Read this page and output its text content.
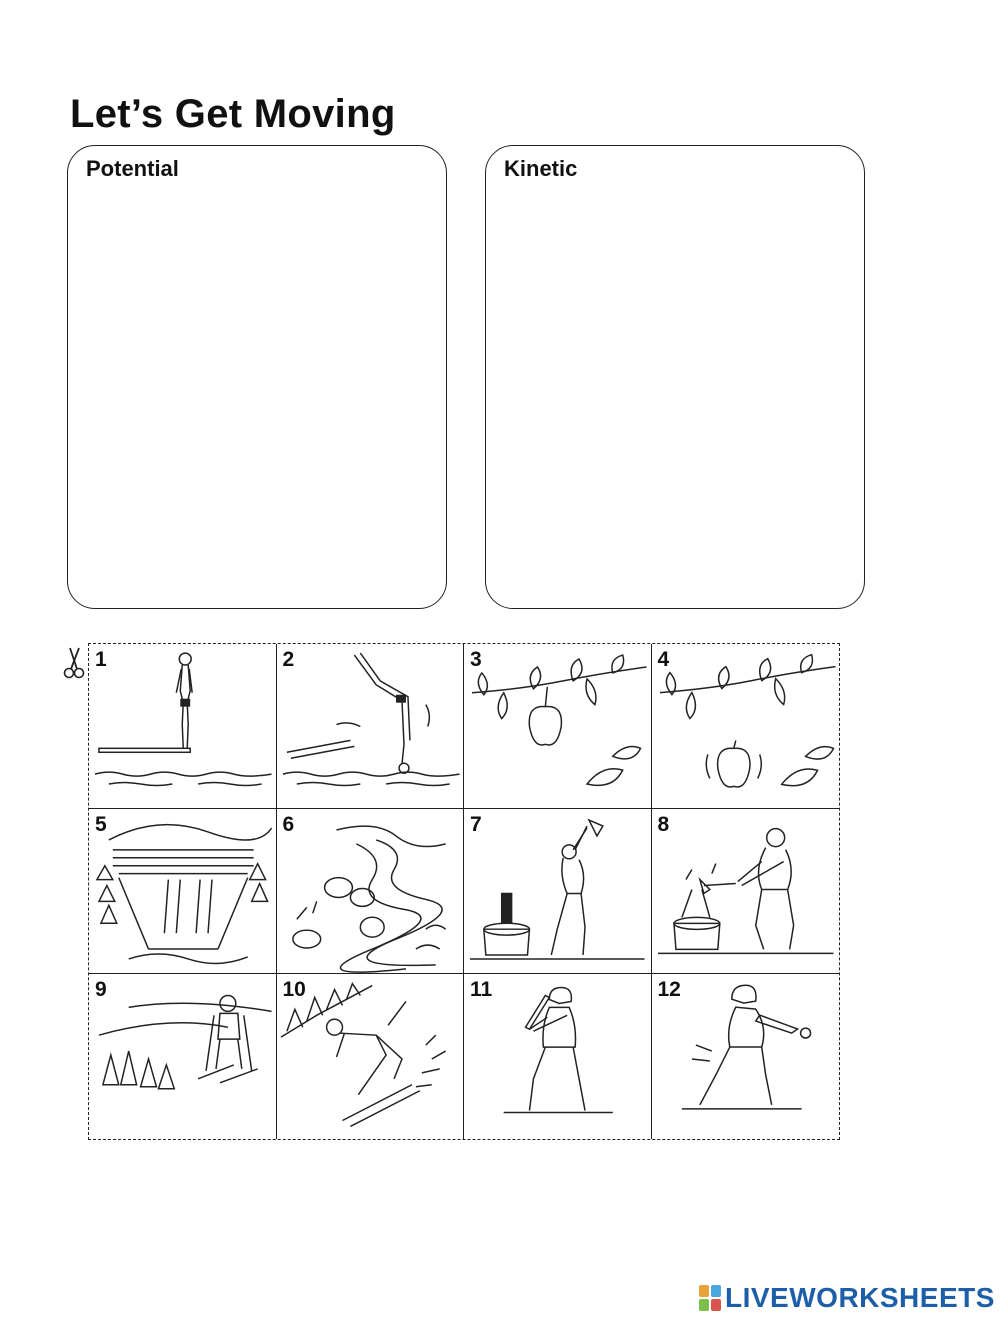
Let’s Get Moving
Potential	Kinetic
1	2	3	4
5	6	7	8
9	10	11	12
LIVEWORKSHEETS
